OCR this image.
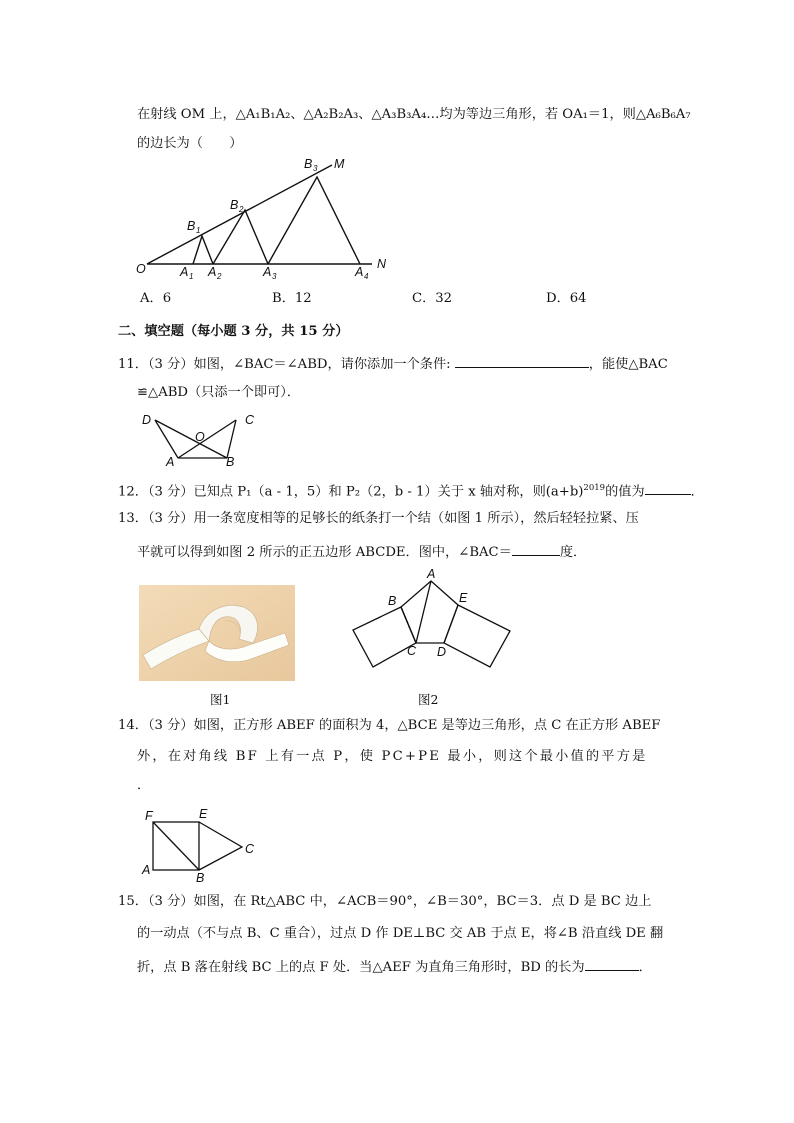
在射线 OM 上，△A₁B₁A₂、△A₂B₂A₃、△A₃B₃A₄…均为等边三角形，若 OA₁＝1，则△A₆B₆A₇
的边长为（　　）
O	A 1 A 2	A 3	A 4
B 1
B 2
B 3 M
N
A．6	B．12	C．32	D．64
二、填空题（每小题 3 分，共 15 分）
11．（3 分）如图，∠BAC＝∠ABD，请你添加一个条件:	，能使△BAC
≌△ABD（只添一个即可）．
D	C
O
A	B
12．（3 分）已知点 P₁（a - 1，5）和 P₂（2，b - 1）关于 x 轴对称，则$(a+b)^{2019}$的值为	．
13．（3 分）用一条宽度相等的足够长的纸条打一个结（如图 1 所示），然后轻轻拉紧、压
平就可以得到如图 2 所示的正五边形 ABCDE．图中，∠BAC＝	度．
图1
A
B
C D
E
图2
14．（3 分）如图，正方形 ABEF 的面积为 4，△BCE 是等边三角形，点 C 在正方形 ABEF
外，在对角线 BF 上有一点 P，使 PC+PE 最小，则这个最小值的平方是
．
F	E
A
B
C
15．（3 分）如图，在 Rt△ABC 中，∠ACB＝90°，∠B＝30°，BC＝3．点 D 是 BC 边上
的一动点（不与点 B、C 重合），过点 D 作 DE⊥BC 交 AB 于点 E，将∠B 沿直线 DE 翻
折，点 B 落在射线 BC 上的点 F 处．当△AEF 为直角三角形时，BD 的长为	．
